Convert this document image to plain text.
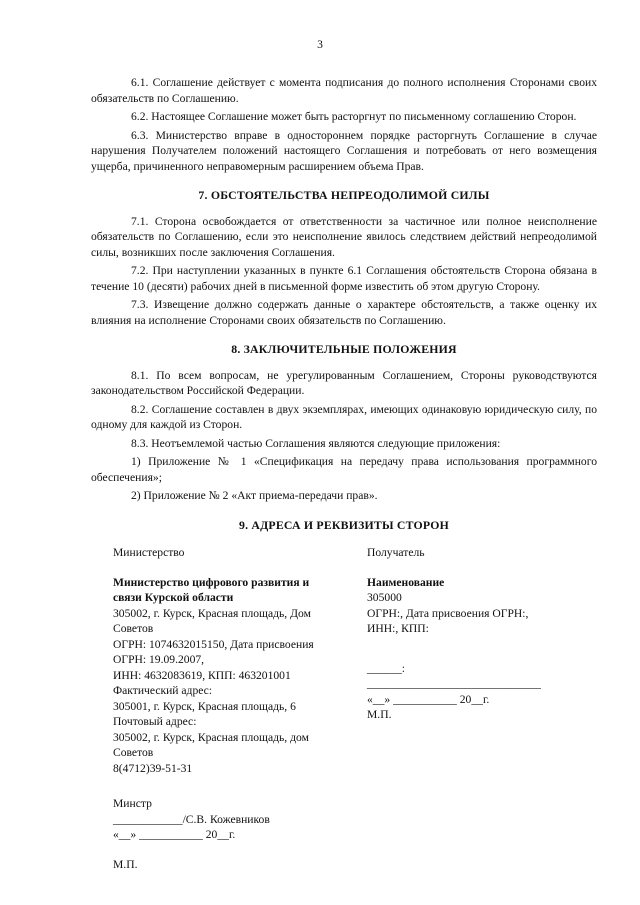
3

6.1. Соглашение действует с момента подписания до полного исполнения Сторонами своих обязательств по Соглашению.

6.2. Настоящее Соглашение может быть расторгнут по письменному соглашению Сторон.

6.3. Министерство вправе в одностороннем порядке расторгнуть Соглашение в случае нарушения Получателем положений настоящего Соглашения и потребовать от него возмещения ущерба, причиненного неправомерным расширением объема Прав.

7. ОБСТОЯТЕЛЬСТВА НЕПРЕОДОЛИМОЙ СИЛЫ

7.1. Сторона освобождается от ответственности за частичное или полное неисполнение обязательств по Соглашению, если это неисполнение явилось следствием действий непреодолимой силы, возникших после заключения Соглашения.

7.2. При наступлении указанных в пункте 6.1 Соглашения обстоятельств Сторона обязана в течение 10 (десяти) рабочих дней в письменной форме известить об этом другую Сторону.

7.3. Извещение должно содержать данные о характере обстоятельств, а также оценку их влияния на исполнение Сторонами своих обязательств по Соглашению.

8. ЗАКЛЮЧИТЕЛЬНЫЕ ПОЛОЖЕНИЯ

8.1. По всем вопросам, не урегулированным Соглашением, Стороны руководствуются законодательством Российской Федерации.

8.2. Соглашение составлен в двух экземплярах, имеющих одинаковую юридическую силу, по одному для каждой из Сторон.

8.3. Неотъемлемой частью Соглашения являются следующие приложения:

1) Приложение № 1 «Спецификация на передачу права использования программного обеспечения»;

2) Приложение № 2 «Акт приема-передачи прав».

9. АДРЕСА И РЕКВИЗИТЫ СТОРОН

Министерство

Министерство цифрового развития и

связи Курской области

305002, г. Курск, Красная площадь, Дом

Советов

ОГРН: 1074632015150, Дата присвоения

ОГРН: 19.09.2007,

ИНН: 4632083619, КПП: 463201001

Фактический адрес:

305001, г. Курск, Красная площадь, 6

Почтовый адрес:

305002, г. Курск, Красная площадь, дом

Советов

8(4712)39-51-31

Минстр

____________/С.В. Кожевников

«__» ___________ 20__г.

М.П.

Получатель

Наименование

305000

ОГРН:, Дата присвоения ОГРН:,

ИНН:, КПП:

______:

______________________________

«__» ___________ 20__г.

М.П.
